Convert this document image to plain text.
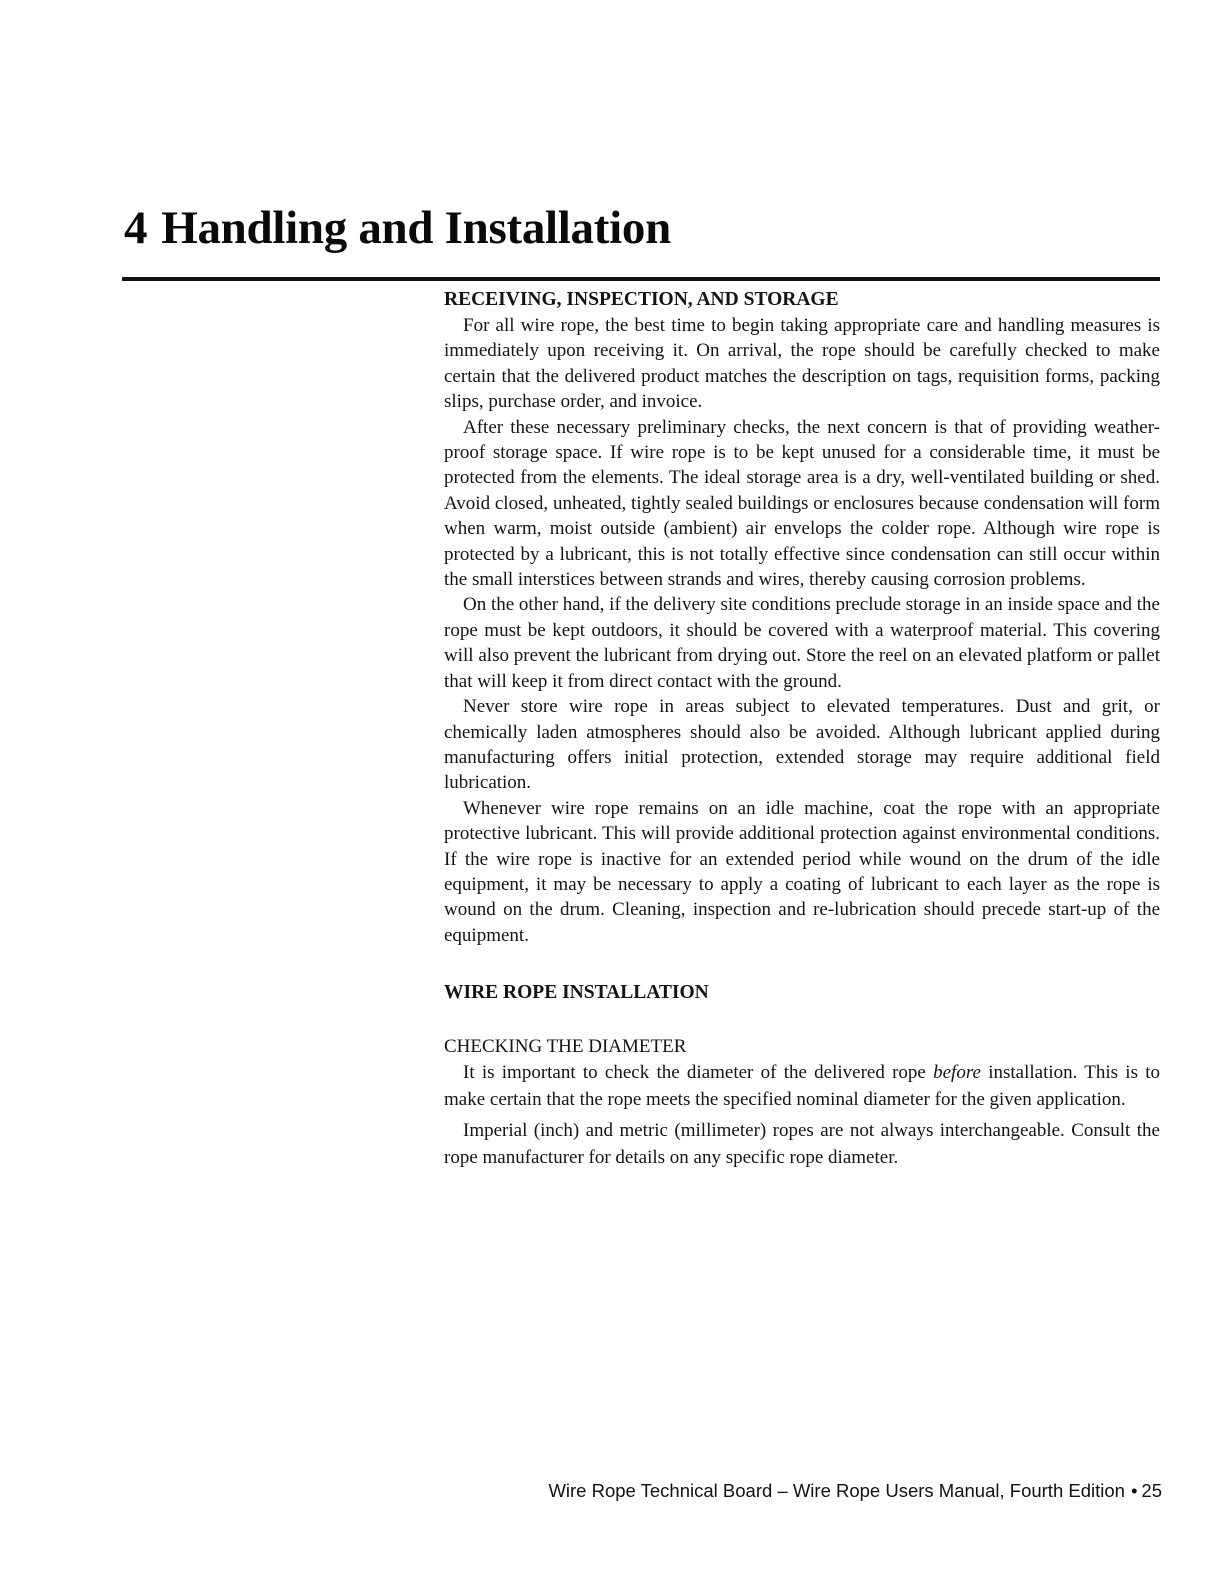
4 Handling and Installation
RECEIVING, INSPECTION, AND STORAGE

For all wire rope, the best time to begin taking appropriate care and handling measures is immediately upon receiving it. On arrival, the rope should be carefully checked to make certain that the delivered product matches the description on tags, requisition forms, packing slips, purchase order, and invoice.

After these necessary preliminary checks, the next concern is that of providing weather-proof storage space. If wire rope is to be kept unused for a considerable time, it must be protected from the elements. The ideal storage area is a dry, well-ventilated building or shed. Avoid closed, unheated, tightly sealed buildings or enclosures because condensation will form when warm, moist outside (ambient) air envelops the colder rope. Although wire rope is protected by a lubricant, this is not totally effective since condensation can still occur within the small interstices between strands and wires, thereby causing corrosion problems.

On the other hand, if the delivery site conditions preclude storage in an inside space and the rope must be kept outdoors, it should be covered with a waterproof material. This covering will also prevent the lubricant from drying out. Store the reel on an elevated platform or pallet that will keep it from direct contact with the ground.

Never store wire rope in areas subject to elevated temperatures. Dust and grit, or chemically laden atmospheres should also be avoided. Although lubricant applied during manufacturing offers initial protection, extended storage may require additional field lubrication.

Whenever wire rope remains on an idle machine, coat the rope with an appropriate protective lubricant. This will provide additional protection against environmental conditions. If the wire rope is inactive for an extended period while wound on the drum of the idle equipment, it may be necessary to apply a coating of lubricant to each layer as the rope is wound on the drum. Cleaning, inspection and re-lubrication should precede start-up of the equipment.

WIRE ROPE INSTALLATION
CHECKING THE DIAMETER

It is important to check the diameter of the delivered rope before installation. This is to make certain that the rope meets the specified nominal diameter for the given application.

Imperial (inch) and metric (millimeter) ropes are not always interchangeable. Consult the rope manufacturer for details on any specific rope diameter.

Wire Rope Technical Board – Wire Rope Users Manual, Fourth Edition • 25
